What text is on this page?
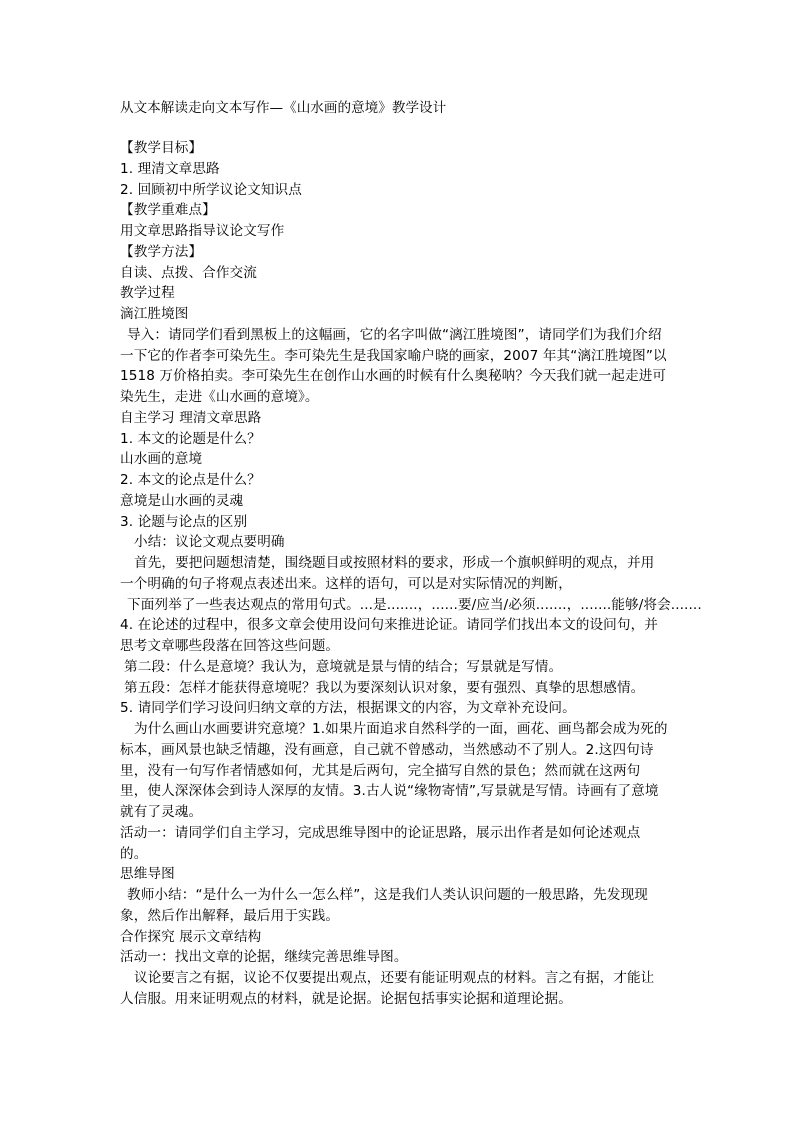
从文本解读走向文本写作—《山水画的意境》教学设计
【教学目标】
1. 理清文章思路
2. 回顾初中所学议论文知识点
【教学重难点】
用文章思路指导议论文写作
【教学方法】
自读、点拨、合作交流
教学过程
滴江胜境图
导入：请同学们看到黑板上的这幅画，它的名字叫做“漓江胜境图”，请同学们为我们介绍
一下它的作者李可染先生。李可染先生是我国家喻户晓的画家，2007 年其“漓江胜境图”以
1518 万价格拍卖。李可染先生在创作山水画的时候有什么奥秘呐？今天我们就一起走进可
染先生，走进《山水画的意境》。
自主学习 理清文章思路
1. 本文的论题是什么？
山水画的意境
2. 本文的论点是什么？
意境是山水画的灵魂
3. 论题与论点的区别
小结：议论文观点要明确
首先，要把问题想清楚，围绕题目或按照材料的要求，形成一个旗帜鲜明的观点，并用
一个明确的句子将观点表述出来。这样的语句，可以是对实际情况的判断，
下面列举了一些表达观点的常用句式。...是.......，......要/应当/必须.......，.......能够/将会.......
4. 在论述的过程中，很多文章会使用设问句来推进论证。请同学们找出本文的设问句，并
思考文章哪些段落在回答这些问题。
第二段：什么是意境？我认为，意境就是景与情的结合；写景就是写情。
第五段：怎样才能获得意境呢？我以为要深刻认识对象，要有强烈、真挚的思想感情。
5. 请同学们学习设问归纳文章的方法，根据课文的内容，为文章补充设问。
为什么画山水画要讲究意境？1.如果片面追求自然科学的一面，画花、画鸟都会成为死的
标本，画风景也缺乏情趣，没有画意，自己就不曾感动，当然感动不了别人。2.这四句诗
里，没有一句写作者情感如何，尤其是后两句，完全描写自然的景色；然而就在这两句
里，使人深深体会到诗人深厚的友情。3.古人说“缘物寄情”,写景就是写情。诗画有了意境
就有了灵魂。
活动一：请同学们自主学习，完成思维导图中的论证思路，展示出作者是如何论述观点
的。
思维导图
教师小结：“是什么一为什么一怎么样”，这是我们人类认识问题的一般思路，先发现现
象，然后作出解释，最后用于实践。
合作探究 展示文章结构
活动一：找出文章的论据，继续完善思维导图。
议论要言之有据，议论不仅要提出观点，还要有能证明观点的材料。言之有据，才能让
人信服。用来证明观点的材料，就是论据。论据包括事实论据和道理论据。
